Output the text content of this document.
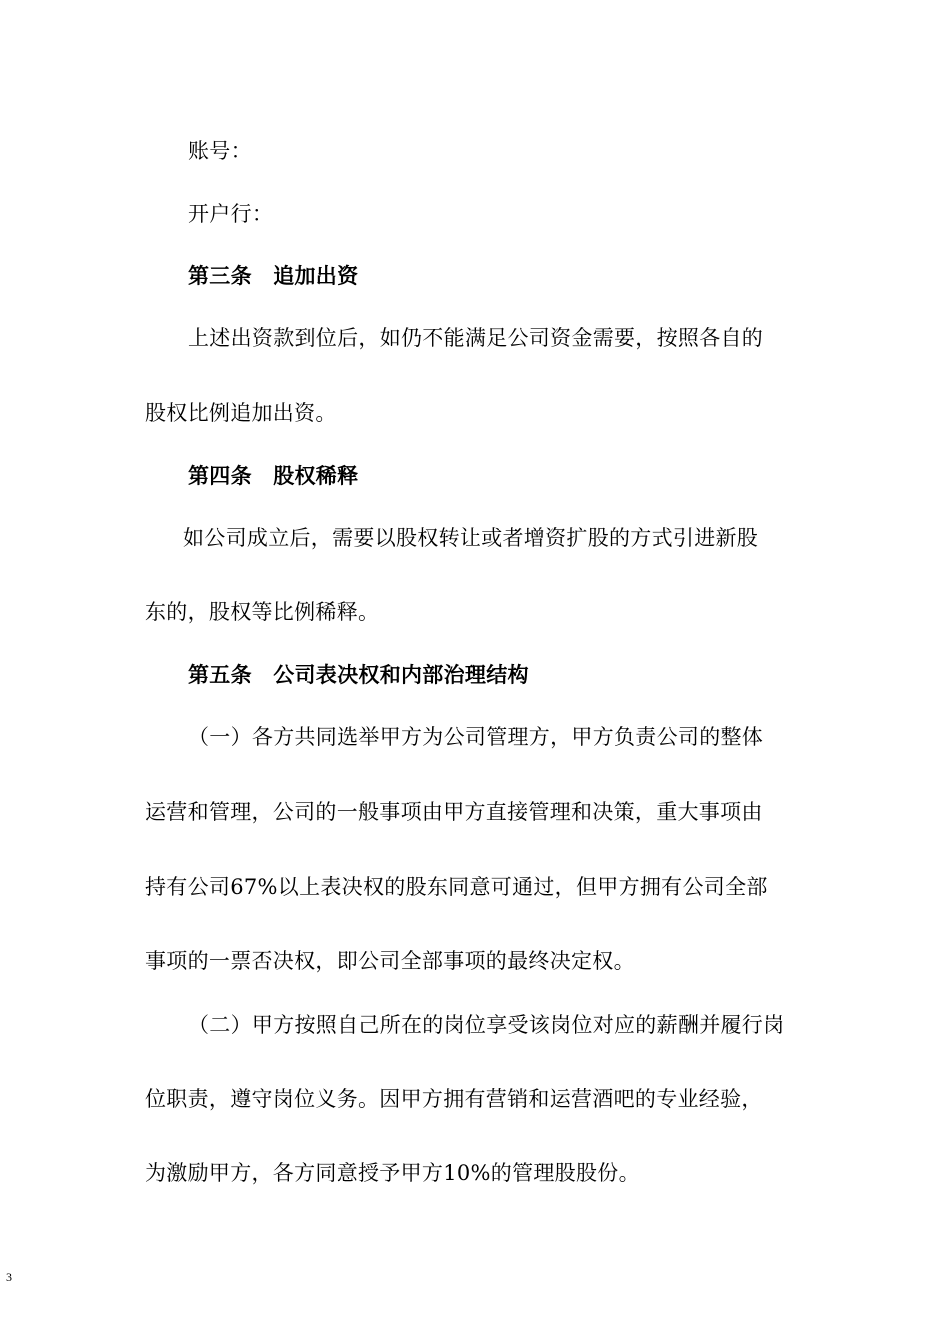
账号：
开户行：
第三条　追加出资
上述出资款到位后，如仍不能满足公司资金需要，按照各自的
股权比例追加出资。
第四条　股权稀释
如公司成立后，需要以股权转让或者增资扩股的方式引进新股
东的，股权等比例稀释。
第五条　公司表决权和内部治理结构
（一）各方共同选举甲方为公司管理方，甲方负责公司的整体
运营和管理，公司的一般事项由甲方直接管理和决策，重大事项由
持有公司67%以上表决权的股东同意可通过，但甲方拥有公司全部
事项的一票否决权，即公司全部事项的最终决定权。
（二）甲方按照自己所在的岗位享受该岗位对应的薪酬并履行岗
位职责，遵守岗位义务。因甲方拥有营销和运营酒吧的专业经验，
为激励甲方，各方同意授予甲方10%的管理股股份。
3
